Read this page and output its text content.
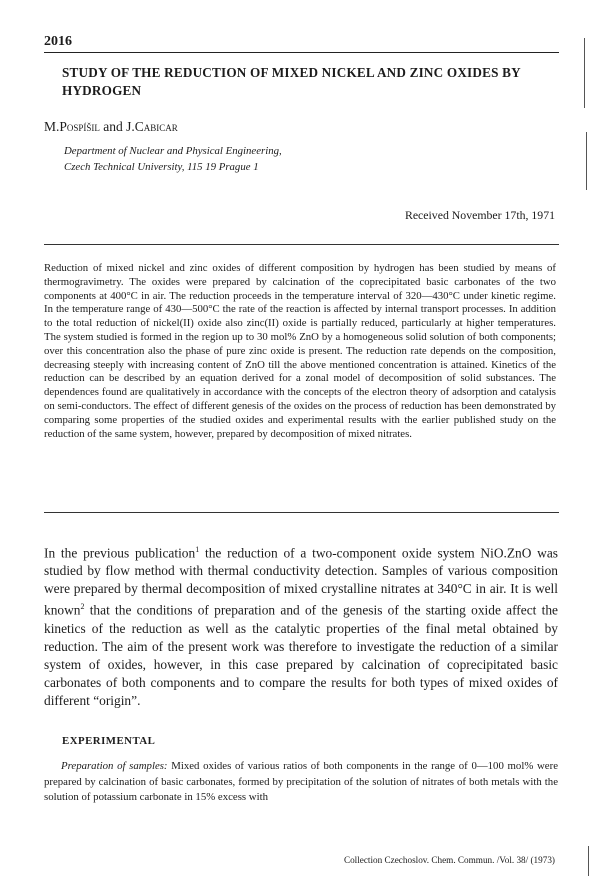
2016
STUDY OF THE REDUCTION OF MIXED NICKEL AND ZINC OXIDES BY HYDROGEN
M.Pospíšil and J.Cabicar
Department of Nuclear and Physical Engineering,
Czech Technical University, 115 19 Prague 1
Received November 17th, 1971

Reduction of mixed nickel and zinc oxides of different composition by hydrogen has been studied by means of thermogravimetry. The oxides were prepared by calcination of the coprecipitated basic carbonates of the two components at 400°C in air. The reduction proceeds in the temperature interval of 320—430°C under kinetic regime. In the temperature range of 430—500°C the rate of the reaction is affected by internal transport processes. In addition to the total reduction of nickel(II) oxide also zinc(II) oxide is partially reduced, particularly at higher temperatures. The system studied is formed in the region up to 30 mol% ZnO by a homogeneous solid solution of both components; over this concentration also the phase of pure zinc oxide is present. The reduction rate depends on the composition, decreasing steeply with increasing content of ZnO till the above mentioned concentration is attained. Kinetics of the reduction can be described by an equation derived for a zonal model of decomposition of solid substances. The dependences found are qualitatively in accordance with the concepts of the electron theory of adsorption and catalysis on semi-conductors. The effect of different genesis of the oxides on the process of reduction has been demonstrated by comparing some properties of the studied oxides and experimental results with the earlier published study on the reduction of the same system, however, prepared by decomposition of mixed nitrates.

In the previous publication$^1$ the reduction of a two-component oxide system NiO.ZnO was studied by flow method with thermal conductivity detection. Samples of various composition were prepared by thermal decomposition of mixed crystalline nitrates at 340°C in air. It is well known$^2$ that the conditions of preparation and of the genesis of the starting oxide affect the kinetics of the reduction as well as the catalytic properties of the final metal obtained by reduction. The aim of the present work was therefore to investigate the reduction of a similar system of oxides, however, in this case prepared by calcination of coprecipitated basic carbonates of both components and to compare the results for both types of mixed oxides of different “origin”.

EXPERIMENTAL

Preparation of samples: Mixed oxides of various ratios of both components in the range of 0—100 mol% were prepared by calcination of basic carbonates, formed by precipitation of the solution of nitrates of both metals with the solution of potassium carbonate in 15% excess with

Collection Czechoslov. Chem. Commun. /Vol. 38/ (1973)
